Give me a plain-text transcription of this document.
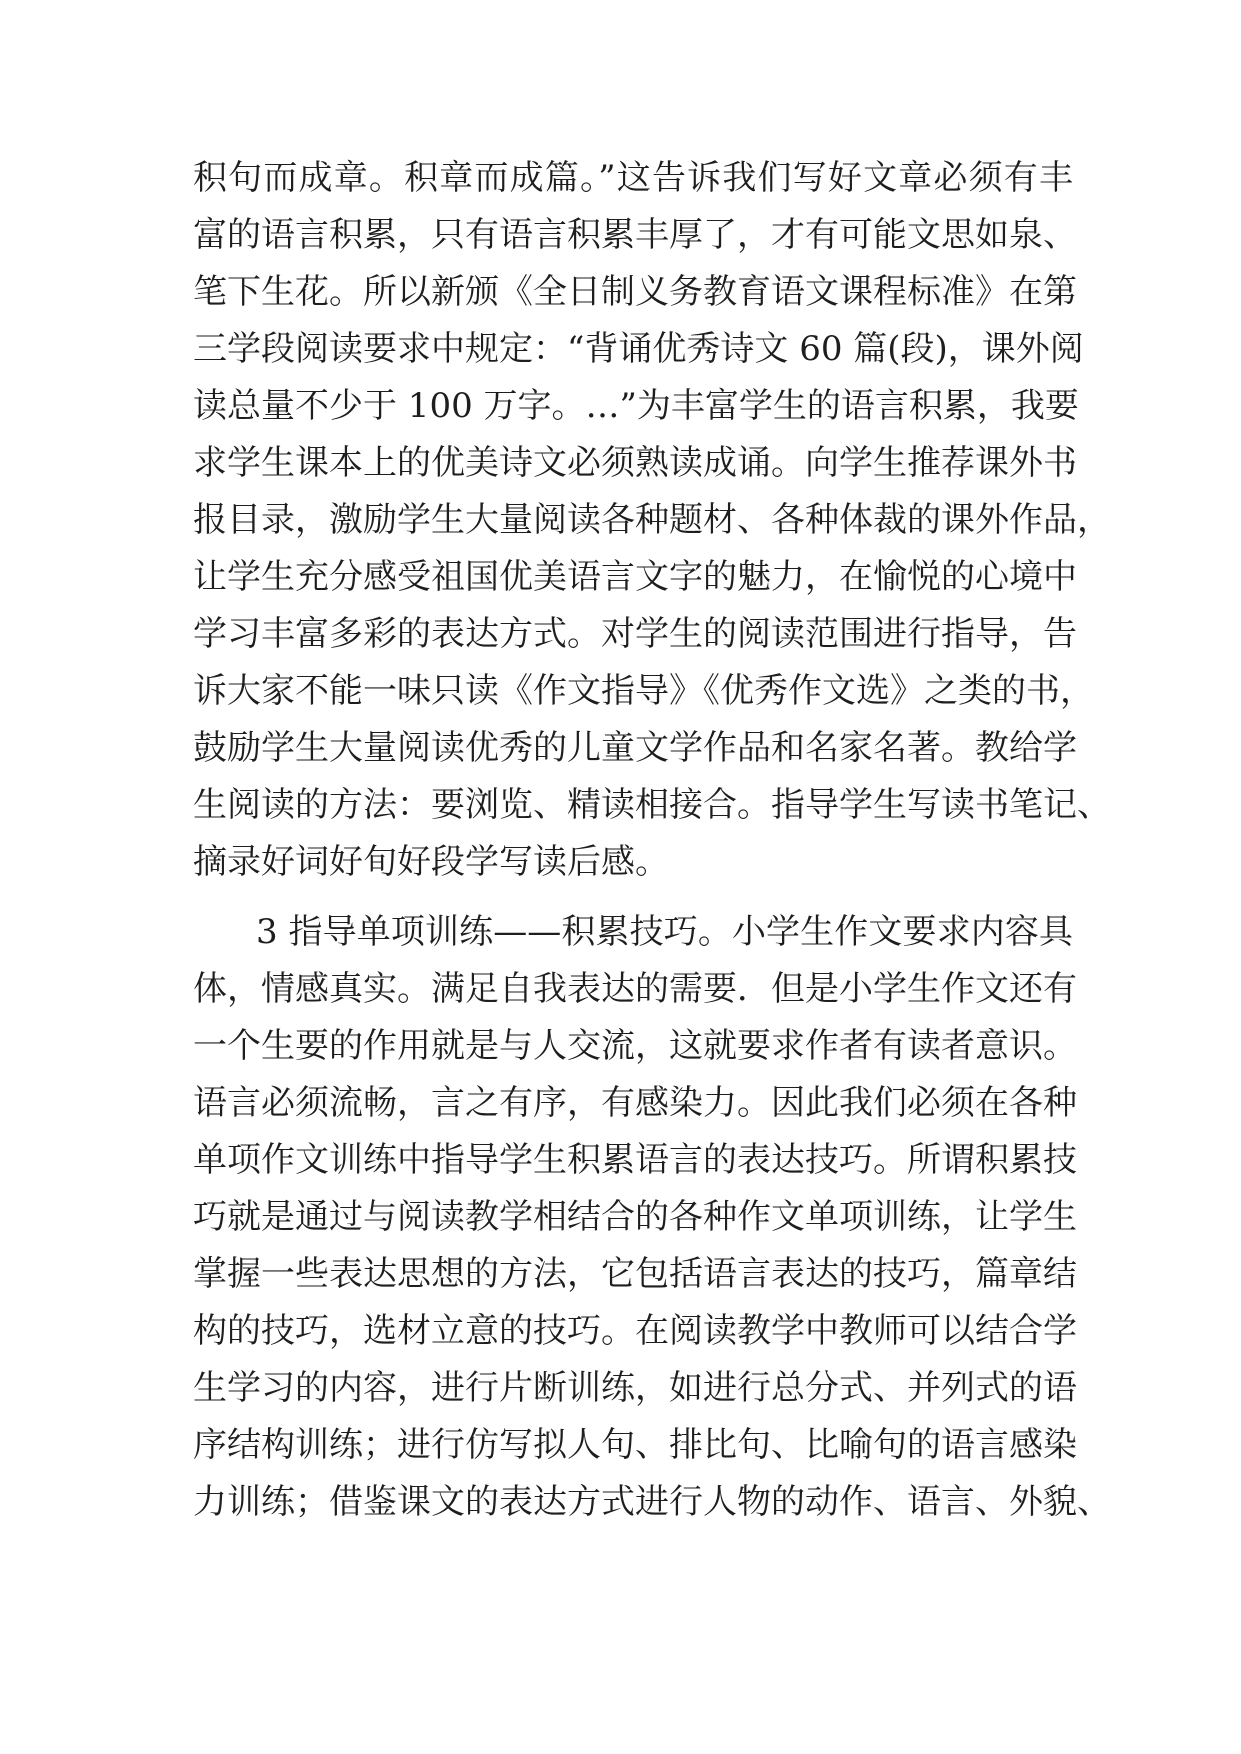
积句而成章。积章而成篇。”这告诉我们写好文章必须有丰
富的语言积累，只有语言积累丰厚了，才有可能文思如泉、
笔下生花。所以新颁《全日制义务教育语文课程标准》在第
三学段阅读要求中规定：“背诵优秀诗文 60 篇(段)，课外阅
读总量不少于 100 万字。…”为丰富学生的语言积累，我要
求学生课本上的优美诗文必须熟读成诵。向学生推荐课外书
报目录，激励学生大量阅读各种题材、各种体裁的课外作品，
让学生充分感受祖国优美语言文字的魅力，在愉悦的心境中
学习丰富多彩的表达方式。对学生的阅读范围进行指导，告
诉大家不能一味只读《作文指导》《优秀作文选》之类的书，
鼓励学生大量阅读优秀的儿童文学作品和名家名著。教给学
生阅读的方法：要浏览、精读相接合。指导学生写读书笔记、
摘录好词好旬好段学写读后感。
3 指导单项训练——积累技巧。小学生作文要求内容具
体，情感真实。满足自我表达的需要．但是小学生作文还有
一个生要的作用就是与人交流，这就要求作者有读者意识。
语言必须流畅，言之有序，有感染力。因此我们必须在各种
单项作文训练中指导学生积累语言的表达技巧。所谓积累技
巧就是通过与阅读教学相结合的各种作文单项训练，让学生
掌握一些表达思想的方法，它包括语言表达的技巧，篇章结
构的技巧，选材立意的技巧。在阅读教学中教师可以结合学
生学习的内容，进行片断训练，如进行总分式、并列式的语
序结构训练；进行仿写拟人句、排比句、比喻句的语言感染
力训练；借鉴课文的表达方式进行人物的动作、语言、外貌、
